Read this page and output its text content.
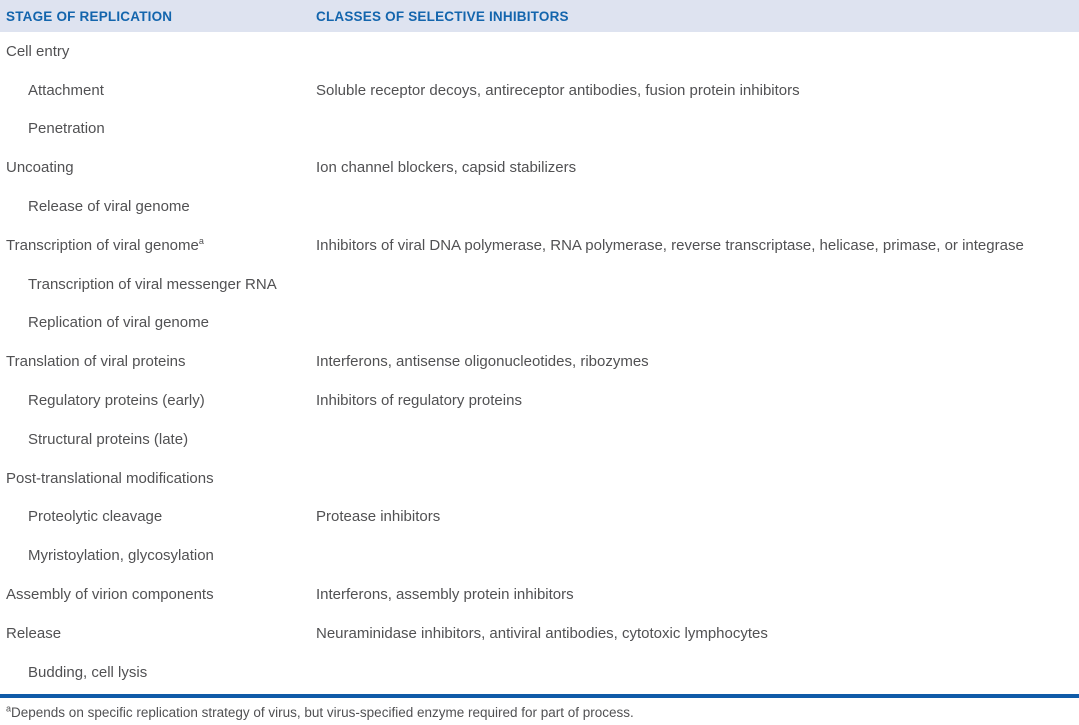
STAGE OF REPLICATION	CLASSES OF SELECTIVE INHIBITORS
Cell entry
Attachment	Soluble receptor decoys, antireceptor antibodies, fusion protein inhibitors
Penetration
Uncoating	Ion channel blockers, capsid stabilizers
Release of viral genome
Transcription of viral genome$^a$	Inhibitors of viral DNA polymerase, RNA polymerase, reverse transcriptase, helicase, primase, or integrase
Transcription of viral messenger RNA
Replication of viral genome
Translation of viral proteins	Interferons, antisense oligonucleotides, ribozymes
Regulatory proteins (early)	Inhibitors of regulatory proteins
Structural proteins (late)
Post-translational modifications
Proteolytic cleavage	Protease inhibitors
Myristoylation, glycosylation
Assembly of virion components	Interferons, assembly protein inhibitors
Release	Neuraminidase inhibitors, antiviral antibodies, cytotoxic lymphocytes
Budding, cell lysis
$^a$Depends on specific replication strategy of virus, but virus-specified enzyme required for part of process.
